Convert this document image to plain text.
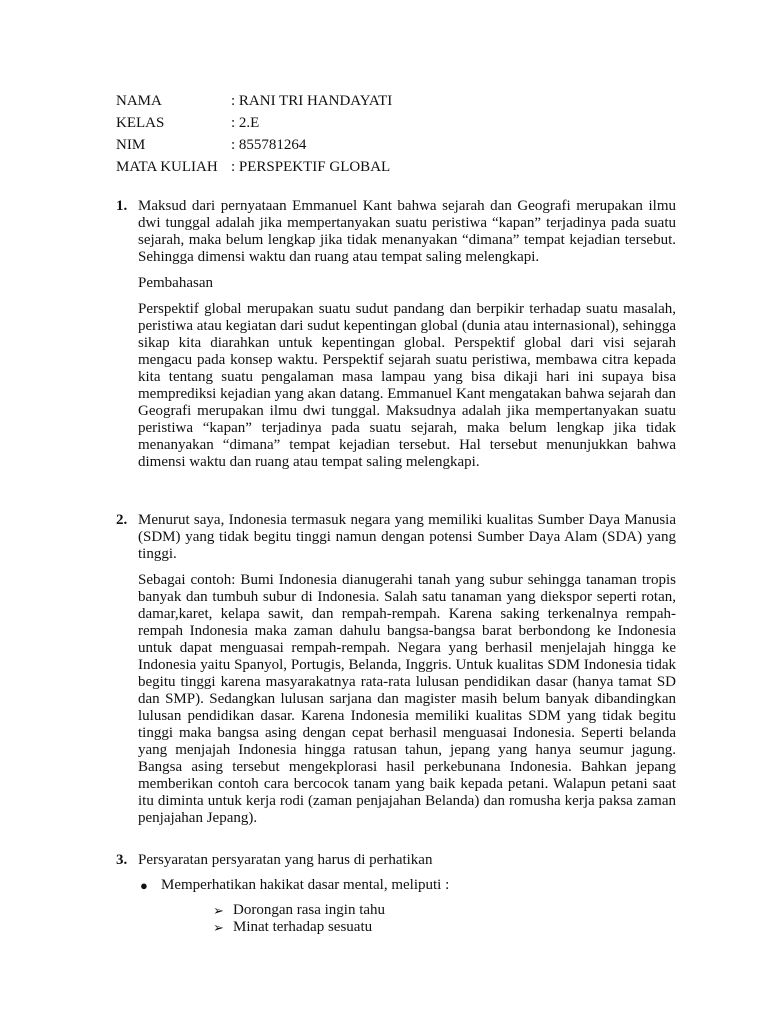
NAMA	: RANI TRI HANDAYATI
KELAS	: 2.E
NIM	: 855781264
MATA KULIAH : PERSPEKTIF GLOBAL
1. Maksud dari pernyataan Emmanuel Kant bahwa sejarah dan Geografi merupakan ilmu dwi tunggal adalah jika mempertanyakan suatu peristiwa “kapan” terjadinya pada suatu sejarah, maka belum lengkap jika tidak menanyakan “dimana” tempat kejadian tersebut. Sehingga dimensi waktu dan ruang atau tempat saling melengkapi.

Pembahasan

Perspektif global merupakan suatu sudut pandang dan berpikir terhadap suatu masalah, peristiwa atau kegiatan dari sudut kepentingan global (dunia atau internasional), sehingga sikap kita diarahkan untuk kepentingan global. Perspektif global dari visi sejarah mengacu pada konsep waktu. Perspektif sejarah suatu peristiwa, membawa citra kepada kita tentang suatu pengalaman masa lampau yang bisa dikaji hari ini supaya bisa memprediksi kejadian yang akan datang. Emmanuel Kant mengatakan bahwa sejarah dan Geografi merupakan ilmu dwi tunggal. Maksudnya adalah jika mempertanyakan suatu peristiwa “kapan” terjadinya pada suatu sejarah, maka belum lengkap jika tidak menanyakan “dimana” tempat kejadian tersebut. Hal tersebut menunjukkan bahwa dimensi waktu dan ruang atau tempat saling melengkapi.

2. Menurut saya, Indonesia termasuk negara yang memiliki kualitas Sumber Daya Manusia (SDM) yang tidak begitu tinggi namun dengan potensi Sumber Daya Alam (SDA) yang tinggi.

Sebagai contoh: Bumi Indonesia dianugerahi tanah yang subur sehingga tanaman tropis banyak dan tumbuh subur di Indonesia. Salah satu tanaman yang diekspor seperti rotan, damar,karet, kelapa sawit, dan rempah-rempah. Karena saking terkenalnya rempah-rempah Indonesia maka zaman dahulu bangsa-bangsa barat berbondong ke Indonesia untuk dapat menguasai rempah-rempah. Negara yang berhasil menjelajah hingga ke Indonesia yaitu Spanyol, Portugis, Belanda, Inggris. Untuk kualitas SDM Indonesia tidak begitu tinggi karena masyarakatnya rata-rata lulusan pendidikan dasar (hanya tamat SD dan SMP). Sedangkan lulusan sarjana dan magister masih belum banyak dibandingkan lulusan pendidikan dasar. Karena Indonesia memiliki kualitas SDM yang tidak begitu tinggi maka bangsa asing dengan cepat berhasil menguasai Indonesia. Seperti belanda yang menjajah Indonesia hingga ratusan tahun, jepang yang hanya seumur jagung. Bangsa asing tersebut mengekplorasi hasil perkebunana Indonesia. Bahkan jepang memberikan contoh cara bercocok tanam yang baik kepada petani. Walapun petani saat itu diminta untuk kerja rodi (zaman penjajahan Belanda) dan romusha kerja paksa zaman penjajahan Jepang).

3. Persyaratan persyaratan yang harus di perhatikan
● Memperhatikan hakikat dasar mental, meliputi :
➢ Dorongan rasa ingin tahu
➢ Minat terhadap sesuatu
